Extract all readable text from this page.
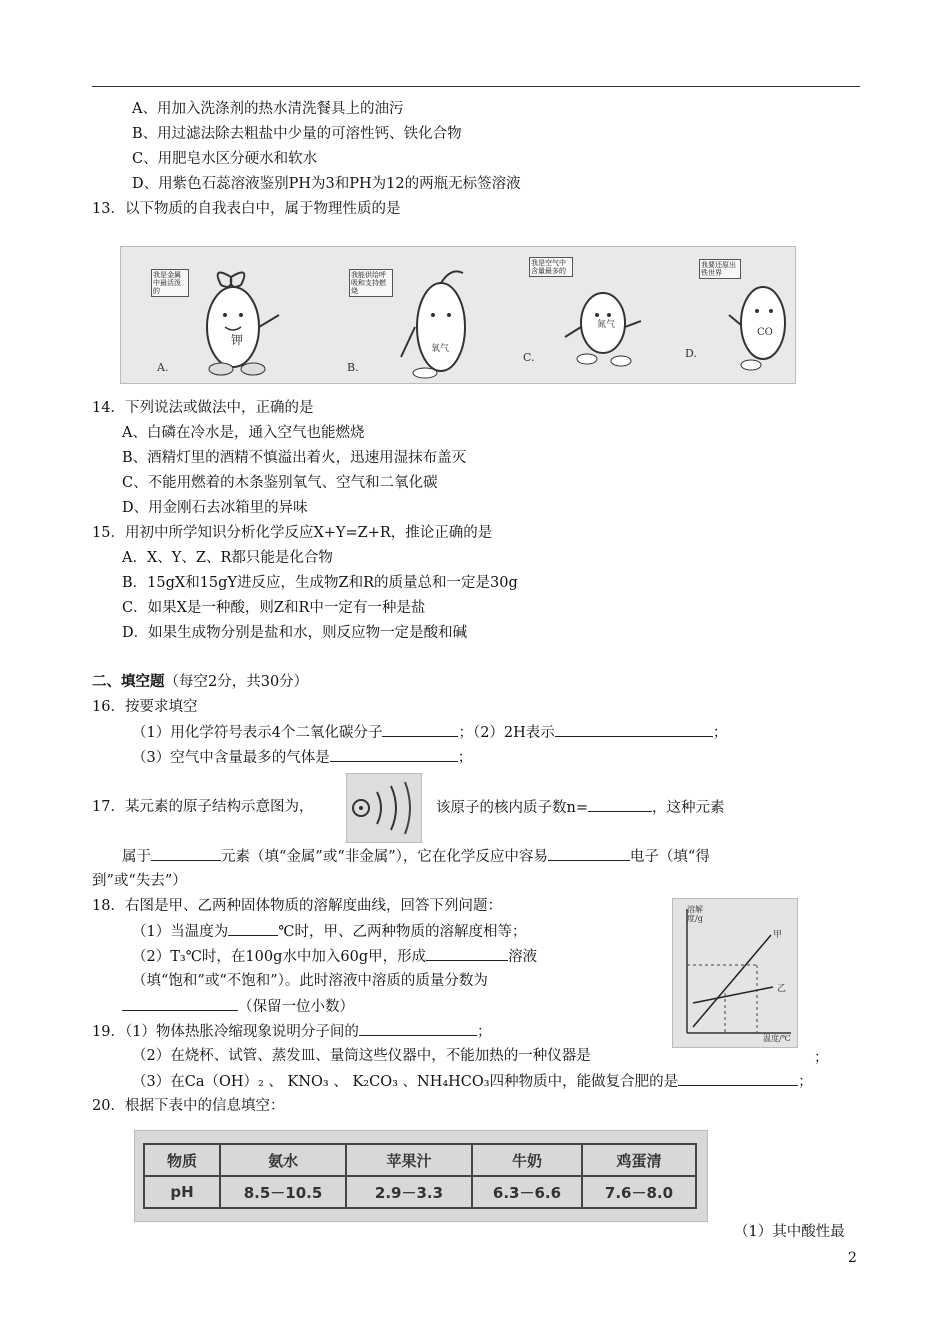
A、用加入洗涤剂的热水清洗餐具上的油污
B、用过滤法除去粗盐中少量的可溶性钙、铁化合物
C、用肥皂水区分硬水和软水
D、用紫色石蕊溶液鉴别PH为3和PH为12的两瓶无标签溶液
13．以下物质的自我表白中，属于物理性质的是
我是金属中最活泼的
钾
A.
我能供给呼吸和支持燃烧
氧气
B.
我是空气中含量最多的
氮气
C.
我要还原出铁世界
CO
D.
14．下列说法或做法中，正确的是
A、白磷在冷水是，通入空气也能燃烧
B、酒精灯里的酒精不慎溢出着火，迅速用湿抹布盖灭
C、不能用燃着的木条鉴别氧气、空气和二氧化碳
D、用金刚石去冰箱里的异味
15．用初中所学知识分析化学反应X+Y=Z+R，推论正确的是
A．X、Y、Z、R都只能是化合物
B．15gX和15gY进反应，生成物Z和R的质量总和一定是30g
C．如果X是一种酸，则Z和R中一定有一种是盐
D．如果生成物分别是盐和水，则反应物一定是酸和碱
二、填空题（每空2分，共30分）
16．按要求填空
（1）用化学符号表示4个二氧化碳分子	；（2）2H表示	；
（3）空气中含量最多的气体是	；
17．某元素的原子结构示意图为，	该原子的核内质子数n=	，这种元素
属于	元素（填“金属”或“非金属”），它在化学反应中容易	电子（填“得
到”或“失去”）
18．右图是甲、乙两种固体物质的溶解度曲线，回答下列问题：
（1）当温度为	℃时，甲、乙两种物质的溶解度相等；
（2）T₃℃时，在100g水中加入60g甲，形成	溶液
（填“饱和”或“不饱和”）。此时溶液中溶质的质量分数为
（保留一位小数）
溶解度/g
温度/℃
甲
乙
19．（1）物体热胀冷缩现象说明分子间的	；
（2）在烧杯、试管、蒸发皿、量筒这些仪器中，不能加热的一种仪器是	；
（3）在Ca（OH）₂ 、 KNO₃ 、 K₂CO₃ 、NH₄HCO₃四种物质中，能做复合肥的是	；
20．根据下表中的信息填空：
物质	氨水	苹果汁	牛奶	鸡蛋清
pH	8.5－10.5	2.9－3.3	6.3－6.6	7.6－8.0
（1）其中酸性最
2
